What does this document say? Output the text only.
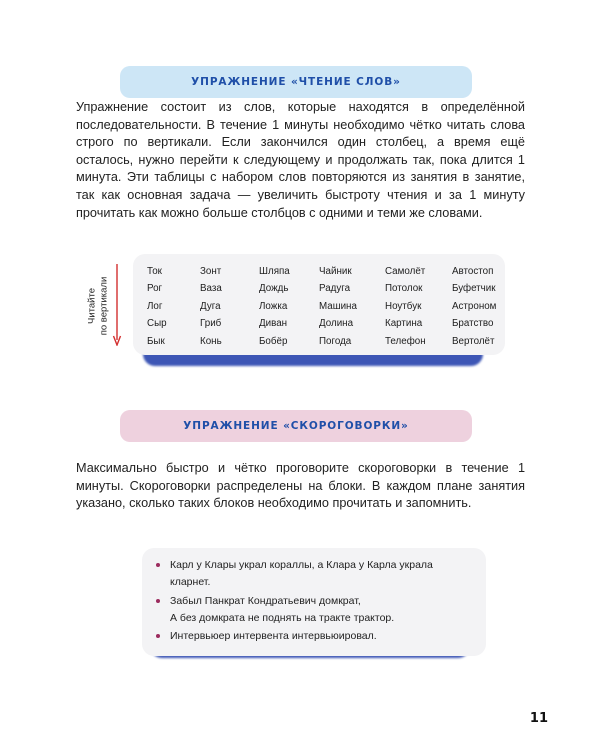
УПРАЖНЕНИЕ «ЧТЕНИЕ СЛОВ»

Упражнение состоит из слов, которые находятся в определённой последовательности. В течение 1 минуты необходимо чётко читать слова строго по вертикали. Если закончился один столбец, а время ещё осталось, нужно перейти к следующему и продолжать так, пока длится 1 минута. Эти таблицы с набором слов повторяются из занятия в занятие, так как основная задача — увеличить быстроту чтения и за 1 минуту прочитать как можно больше столбцов с одними и теми же словами.

Читайте
по вертикали
Ток
Рог
Лог
Сыр
Бык
Зонт
Ваза
Дуга
Гриб
Конь
Шляпа
Дождь
Ложка
Диван
Бобёр
Чайник
Радуга
Машина
Долина
Погода
Самолёт
Потолок
Ноутбук
Картина
Телефон
Автостоп
Буфетчик
Астроном
Братство
Вертолёт
УПРАЖНЕНИЕ «СКОРОГОВОРКИ»

Максимально быстро и чётко проговорите скороговорки в течение 1 минуты. Скороговорки распределены на блоки. В каждом плане занятия указано, сколько таких блоков необходимо прочитать и запомнить.

Карл у Клары украл кораллы, а Клара у Карла украла
кларнет.
Забыл Панкрат Кондратьевич домкрат,
А без домкрата не поднять на тракте трактор.
Интервьюер интервента интервьюировал.
11
